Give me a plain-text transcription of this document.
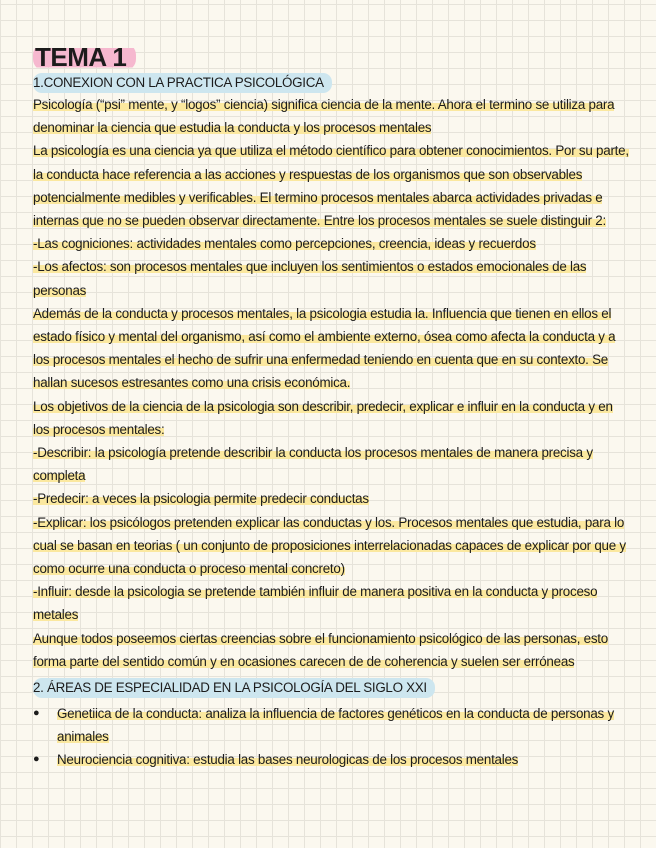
TEMA 1
1.CONEXION CON LA PRACTICA PSICOLÓGICA

Psicología (“psi” mente, y “logos” ciencia) significa ciencia de la mente. Ahora el termino se utiliza para denominar la ciencia que estudia la conducta y los procesos mentales

La psicología es una ciencia ya que utiliza el método científico para obtener conocimientos. Por su parte, la conducta hace referencia a las acciones y respuestas de los organismos que son observables potencialmente medibles y verificables. El termino procesos mentales abarca actividades privadas e internas que no se pueden observar directamente. Entre los procesos mentales se suele distinguir 2:

-Las cogniciones: actividades mentales como percepciones, creencia, ideas y recuerdos

-Los afectos: son procesos mentales que incluyen los sentimientos o estados emocionales de las personas

Además de la conducta y procesos mentales, la psicologia estudia la. Influencia que tienen en ellos el estado físico y mental del organismo, así como el ambiente externo, ósea como afecta la conducta y a los procesos mentales el hecho de sufrir una enfermedad teniendo en cuenta que en su contexto. Se hallan sucesos estresantes como una crisis económica.

Los objetivos de la ciencia de la psicologia son describir, predecir, explicar e influir en la conducta y en los procesos mentales:

-Describir: la psicología pretende describir la conducta los procesos mentales de manera precisa y completa

-Predecir: a veces la psicologia permite predecir conductas

-Explicar: los psicólogos pretenden explicar las conductas y los. Procesos mentales que estudia, para lo cual se basan en teorias ( un conjunto de proposiciones interrelacionadas capaces de explicar por que y como ocurre una conducta o proceso mental concreto)

-Influir: desde la psicologia se pretende también influir de manera positiva en la conducta y proceso metales

Aunque todos poseemos ciertas creencias sobre el funcionamiento psicológico de las personas, esto forma parte del sentido común y en ocasiones carecen de de coherencia y suelen ser erróneas

2. ÁREAS DE ESPECIALIDAD EN LA PSICOLOGÍA DEL SIGLO XXI
● Genetiica de la conducta: analiza la influencia de factores genéticos en la conducta de personas y animales
● Neurociencia cognitiva: estudia las bases neurologicas de los procesos mentales
